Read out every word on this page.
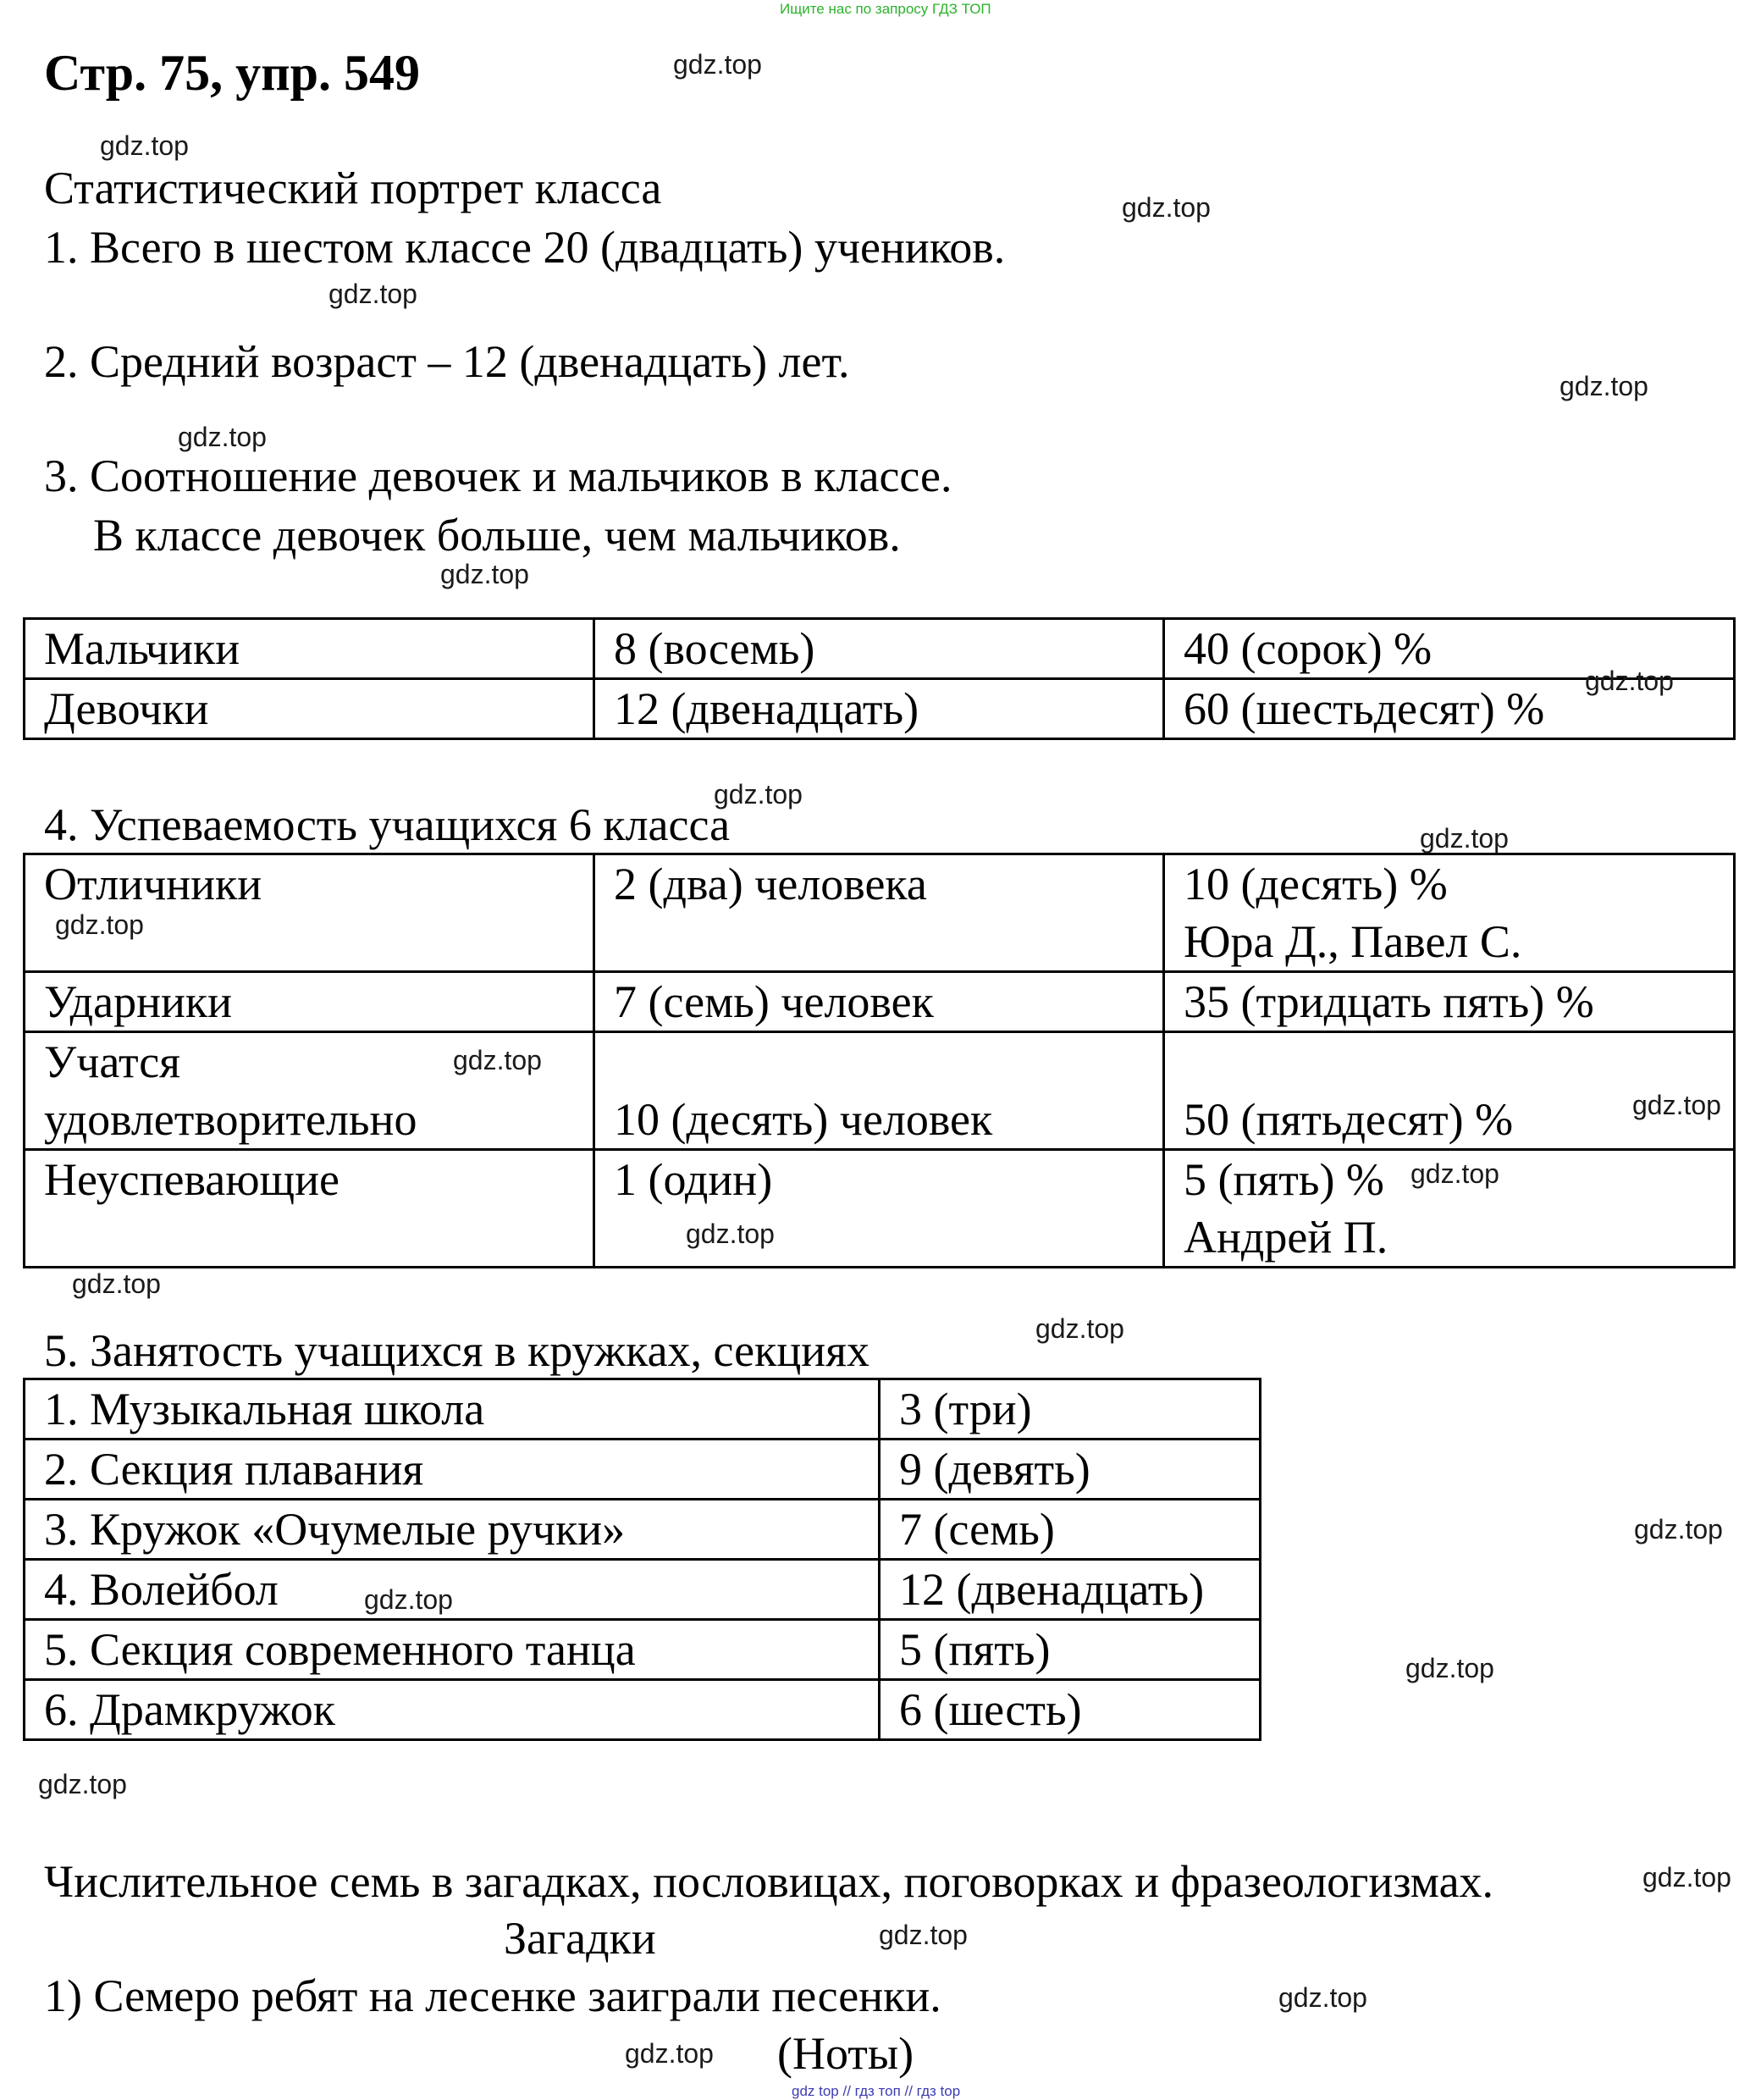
Ищите нас по запросу ГДЗ ТОП
Стр. 75, упр. 549
Статистический портрет класса
1. Всего в шестом классе 20 (двадцать) учеников.
2. Средний возраст – 12 (двенадцать) лет.
3. Соотношение девочек и мальчиков в классе.
В классе девочек больше, чем мальчиков.
Мальчики	8 (восемь)	40 (сорок) %
Девочки	12 (двенадцать)	60 (шестьдесят) %
4. Успеваемость учащихся 6 класса
Отличники	2 (два) человека	10 (десять) %
Юра Д., Павел С.

Ударники	7 (семь) человек	35 (тридцать пять) %

Учатся
удовлетворительно	10 (десять) человек	50 (пятьдесят) %

Неуспевающие	1 (один)	5 (пять) %
Андрей П.
5. Занятость учащихся в кружках, секциях
1. Музыкальная школа	3 (три)
2. Секция плавания	9 (девять)
3. Кружок «Очумелые ручки»	7 (семь)
4. Волейбол	12 (двенадцать)
5. Секция современного танца	5 (пять)
6. Драмкружок	6 (шесть)
Числительное семь в загадках, пословицах, поговорках и фразеологизмах.
Загадки
1) Семеро ребят на лесенке заиграли песенки.
(Ноты)
gdz.top
gdz.top
gdz.top
gdz.top
gdz.top
gdz.top
gdz.top
gdz.top
gdz.top
gdz.top
gdz.top
gdz.top
gdz.top
gdz.top
gdz.top
gdz.top
gdz.top
gdz.top
gdz.top
gdz.top
gdz.top
gdz.top
gdz.top
gdz.top
gdz.top
gdz top // гдз топ // гдз top
